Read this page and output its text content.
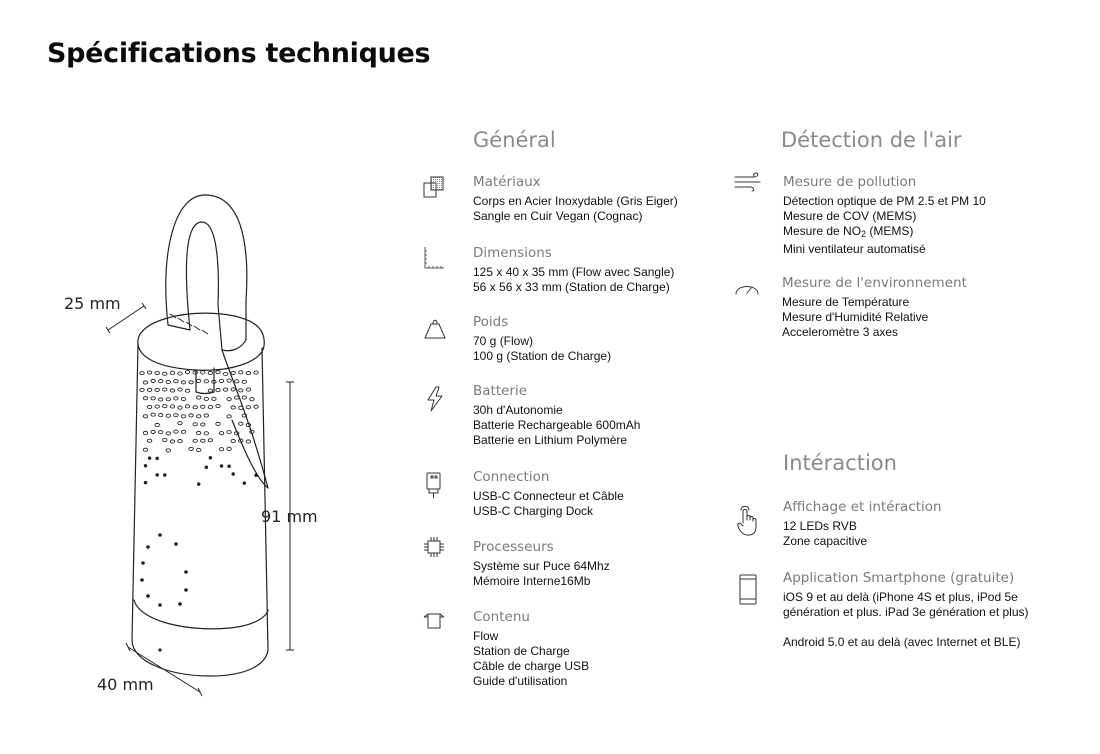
Spécifications techniques
25 mm
91 mm
40 mm
Général	Détection de l'air
Intéraction
Matériaux
Corps en Acier Inoxydable (Gris Eiger)
Sangle en Cuir Vegan (Cognac)
Dimensions
125 x 40 x 35 mm (Flow avec Sangle)
56 x 56 x 33 mm (Station de Charge)
Poids
70 g (Flow)
100 g (Station de Charge)
Batterie
30h d'Autonomie
Batterie Rechargeable 600mAh
Batterie en Lithium Polymère
Connection
USB-C Connecteur et Câble
USB-C Charging Dock
Processeurs
Système sur Puce 64Mhz
Mémoire Interne16Mb
Contenu
Flow
Station de Charge
Câble de charge USB
Guide d'utilisation
Mesure de pollution
Détection optique de PM 2.5 et PM 10
Mesure de COV (MEMS)
Mesure de $NO_2$ (MEMS)
Mini ventilateur automatisé
Mesure de l'environnement
Mesure de Température
Mesure d'Humidité Relative
Acceleromètre 3 axes
Affichage et intéraction
12 LEDs RVB
Zone capacitive
Application Smartphone (gratuite)
iOS 9 et au delà (iPhone 4S et plus, iPod 5e
génération et plus. iPad 3e génération et plus)
Android 5.0 et au delà (avec Internet et BLE)
